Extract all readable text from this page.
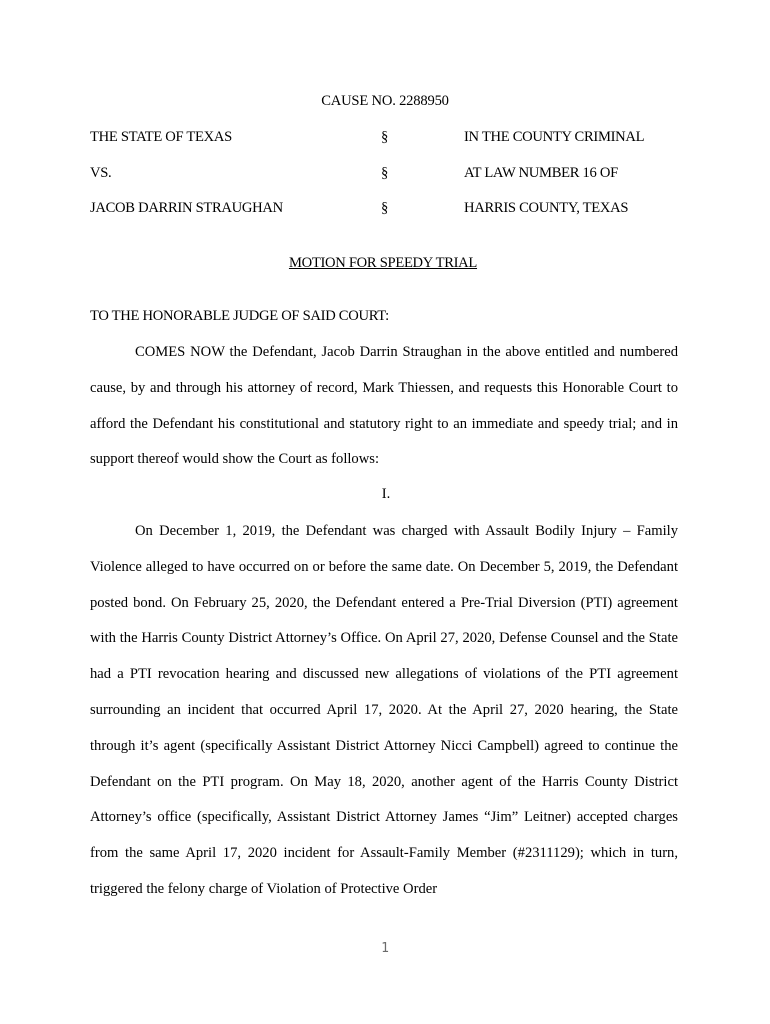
CAUSE NO. 2288950
THE STATE OF TEXAS	§	IN THE COUNTY CRIMINAL
VS.	§	AT LAW NUMBER 16 OF
JACOB DARRIN STRAUGHAN	§	HARRIS COUNTY, TEXAS
MOTION FOR SPEEDY TRIAL
TO THE HONORABLE JUDGE OF SAID COURT:

COMES NOW the Defendant, Jacob Darrin Straughan in the above entitled and numbered cause, by and through his attorney of record, Mark Thiessen, and requests this Honorable Court to afford the Defendant his constitutional and statutory right to an immediate and speedy trial; and in support thereof would show the Court as follows:

I.

On December 1, 2019, the Defendant was charged with Assault Bodily Injury – Family Violence alleged to have occurred on or before the same date. On December 5, 2019, the Defendant posted bond. On February 25, 2020, the Defendant entered a Pre-Trial Diversion (PTI) agreement with the Harris County District Attorney’s Office. On April 27, 2020, Defense Counsel and the State had a PTI revocation hearing and discussed new allegations of violations of the PTI agreement surrounding an incident that occurred April 17, 2020. At the April 27, 2020 hearing, the State through it’s agent (specifically Assistant District Attorney Nicci Campbell) agreed to continue the Defendant on the PTI program. On May 18, 2020, another agent of the Harris County District Attorney’s office (specifically, Assistant District Attorney James “Jim” Leitner) accepted charges from the same April 17, 2020 incident for Assault-Family Member (#2311129); which in turn, triggered the felony charge of Violation of Protective Order

1
